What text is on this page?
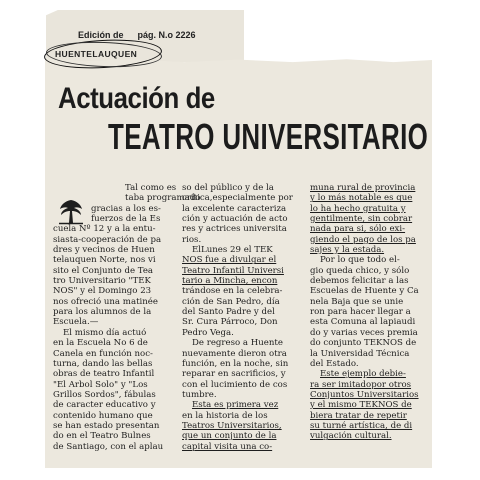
Edición de pág. N.o 2226
HUENTELAUQUEN
Actuación de
TEATRO UNIVERSITARIO
Tal como es
taba programado
gracias a los es-
fuerzos de la Es
cuela Nº 12 y a la entu-
siasta-cooperación de pa
dres y vecinos de Huen
telauquen Norte, nos vi
sito el Conjunto de Tea
tro Universitario "TEK
NOS" y el Domingo 23
nos ofreció una matinée
para los alumnos de la
Escuela.—
El mismo día actuó
en la Escuela No 6 de
Canela en función noc-
turna, dando las bellas
obras de teatro Infantil
"El Arbol Solo" y "Los
Grillos Sordos", fábulas
de caracter educativo y
contenido humano que
se han estado presentan
do en el Teatro Bulnes
de Santiago, con el aplau
so del público y de la
critica,especialmente por
la excelente caracteriza
ción y actuación de acto
res y actrices universita
rios.
ElLunes 29 el TEK
NOS fue a divulgar el
Teatro Infantil Universi
tario a Mincha, encon
trándose en la celebra-
ción de San Pedro, día
del Santo Padre y del
Sr. Cura Párroco, Don
Pedro Vega.
De regreso a Huente
nuevamente dieron otra
función, en la noche, sin
reparar en sacrificios, y
con el lucimiento de cos
tumbre.
Esta es primera vez
en la historia de los
Teatros Universitarios,
que un conjunto de la
capital visita una co-
muna rural de provincia
y lo más notable es que
lo ha hecho gratuita y
gentilmente, sin cobrar
nada para si, sólo exi-
giendo el pago de los pa
sajes y la estada.
Por lo que todo el-
gio queda chico, y sólo
debemos felicitar a las
Escuelas de Huente y Ca
nela Baja que se unie
ron para hacer llegar a
esta Comuna al lapiaudi
do y varias veces premia
do conjunto TEKNOS de
la Universidad Técnica
del Estado.
Este ejemplo debie-
ra ser imitadopor otros
Conjuntos Universitarios
y el mismo TEKNOS de
biera tratar de repetir
su turné artística, de di
vulgación cultural.
